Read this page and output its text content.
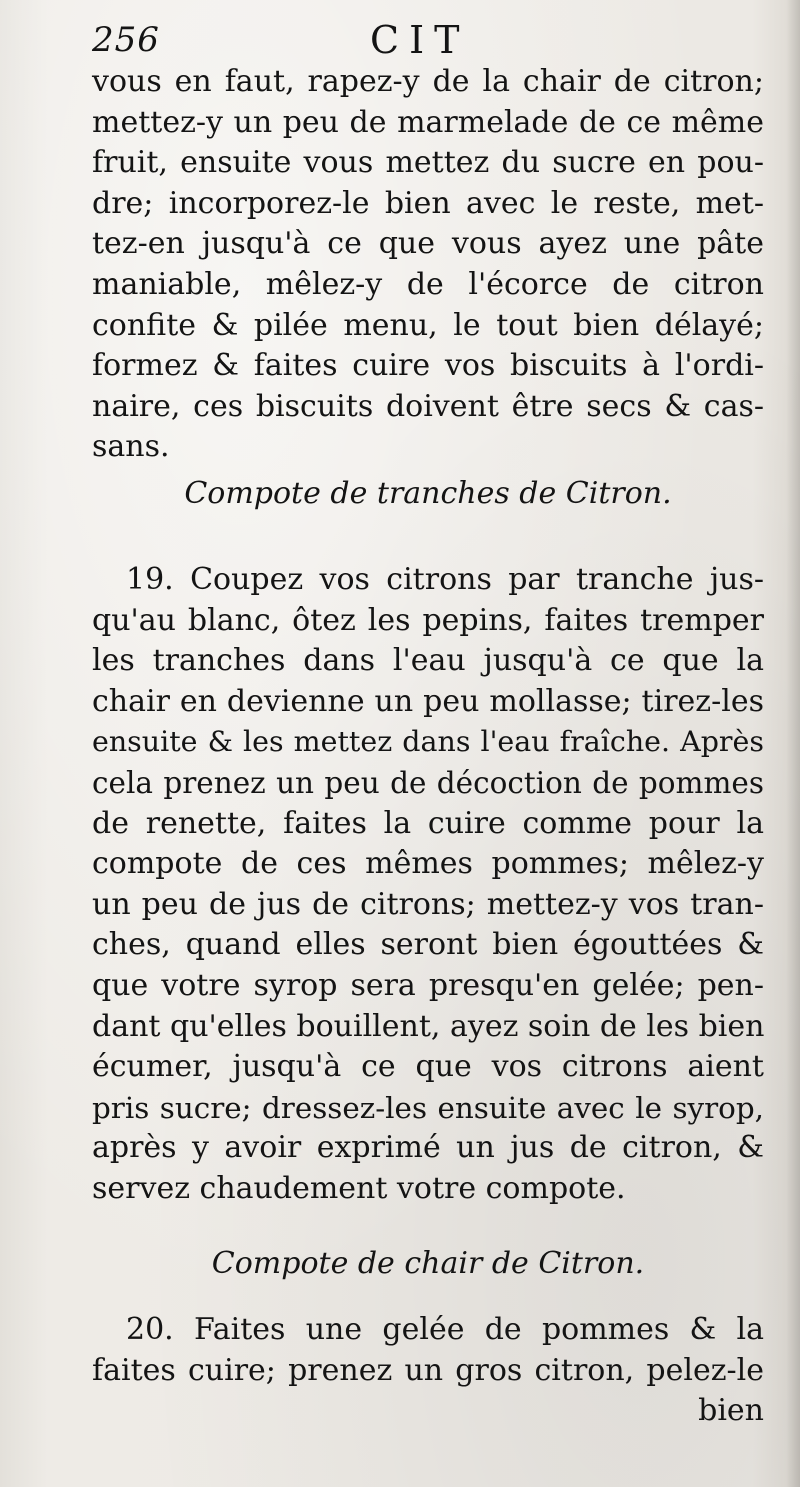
256	CIT
vous en faut, rapez-y de la chair de citron;
mettez-y un peu de marmelade de ce même
fruit, ensuite vous mettez du sucre en pou-
dre; incorporez-le bien avec le reste, met-
tez-en jusqu'à ce que vous ayez une pâte
maniable, mêlez-y de l'écorce de citron
confite & pilée menu, le tout bien délayé;
formez & faites cuire vos biscuits à l'ordi-
naire, ces biscuits doivent être secs & cas-
sans.
Compote de tranches de Citron.
19. Coupez vos citrons par tranche jus-
qu'au blanc, ôtez les pepins, faites tremper
les tranches dans l'eau jusqu'à ce que la
chair en devienne un peu mollasse; tirez-les
ensuite & les mettez dans l'eau fraîche. Après
cela prenez un peu de décoction de pommes
de renette, faites la cuire comme pour la
compote de ces mêmes pommes; mêlez-y
un peu de jus de citrons; mettez-y vos tran-
ches, quand elles seront bien égouttées &
que votre syrop sera presqu'en gelée; pen-
dant qu'elles bouillent, ayez soin de les bien
écumer, jusqu'à ce que vos citrons aient
pris sucre; dressez-les ensuite avec le syrop,
après y avoir exprimé un jus de citron, &
servez chaudement votre compote.
Compote de chair de Citron.
20. Faites une gelée de pommes & la
faites cuire; prenez un gros citron, pelez-le
bien
